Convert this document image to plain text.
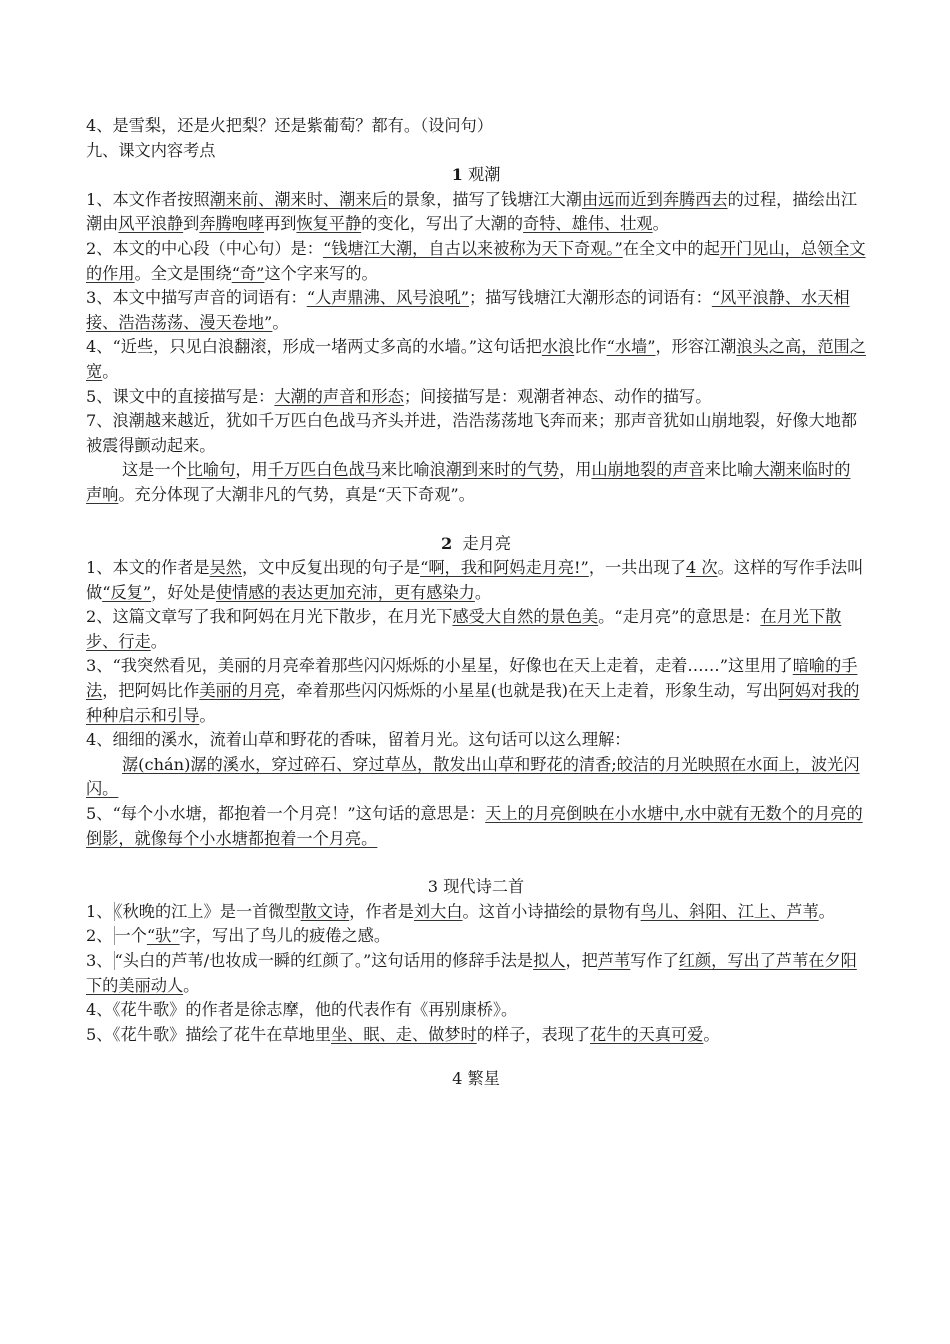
4、是雪梨，还是火把梨？还是紫葡萄？都有。（设问句）

九、课文内容考点

1 观潮

1、本文作者按照潮来前、潮来时、潮来后的景象，描写了钱塘江大潮由远而近到奔腾西去的过程，描绘出江潮由风平浪静到奔腾咆哮再到恢复平静的变化，写出了大潮的奇特、雄伟、壮观。

2、本文的中心段（中心句）是：“钱塘江大潮，自古以来被称为天下奇观。”在全文中的起开门见山，总领全文的作用。全文是围绕“奇”这个字来写的。

3、本文中描写声音的词语有：“人声鼎沸、风号浪吼”；描写钱塘江大潮形态的词语有：“风平浪静、水天相接、浩浩荡荡、漫天卷地”。

4、“近些，只见白浪翻滚，形成一堵两丈多高的水墙。”这句话把水浪比作“水墙”，形容江潮浪头之高，范围之宽。

5、课文中的直接描写是：大潮的声音和形态；间接描写是：观潮者神态、动作的描写。

7、浪潮越来越近，犹如千万匹白色战马齐头并进，浩浩荡荡地飞奔而来；那声音犹如山崩地裂，好像大地都被震得颤动起来。

这是一个比喻句，用千万匹白色战马来比喻浪潮到来时的气势，用山崩地裂的声音来比喻大潮来临时的声响。充分体现了大潮非凡的气势，真是“天下奇观”。

2 走月亮

1、本文的作者是吴然，文中反复出现的句子是“啊，我和阿妈走月亮!”，一共出现了4 次。这样的写作手法叫做“反复”，好处是使情感的表达更加充沛，更有感染力。

2、这篇文章写了我和阿妈在月光下散步，在月光下感受大自然的景色美。“走月亮”的意思是：在月光下散步、行走。

3、“我突然看见，美丽的月亮牵着那些闪闪烁烁的小星星，好像也在天上走着，走着……”这里用了暗喻的手法，把阿妈比作美丽的月亮，牵着那些闪闪烁烁的小星星(也就是我)在天上走着，形象生动，写出阿妈对我的种种启示和引导。

4、细细的溪水，流着山草和野花的香味，留着月光。这句话可以这么理解：

潺(chán)潺的溪水，穿过碎石、穿过草丛，散发出山草和野花的清香;皎洁的月光映照在水面上，波光闪闪。

5、“每个小水塘，都抱着一个月亮！”这句话的意思是：天上的月亮倒映在小水塘中,水中就有无数个的月亮的倒影，就像每个小水塘都抱着一个月亮。

3 现代诗二首

1、 《秋晚的江上》是一首微型散文诗，作者是刘大白。这首小诗描绘的景物有鸟儿、斜阳、江上、芦苇。

2、 一个“驮”字，写出了鸟儿的疲倦之感。

3、 “头白的芦苇/也妆成一瞬的红颜了。”这句话用的修辞手法是拟人，把芦苇写作了红颜，写出了芦苇在夕阳下的美丽动人。

4、《花牛歌》的作者是徐志摩，他的代表作有《再别康桥》。

5、《花牛歌》描绘了花牛在草地里坐、眠、走、做梦时的样子，表现了花牛的天真可爱。

4 繁星
